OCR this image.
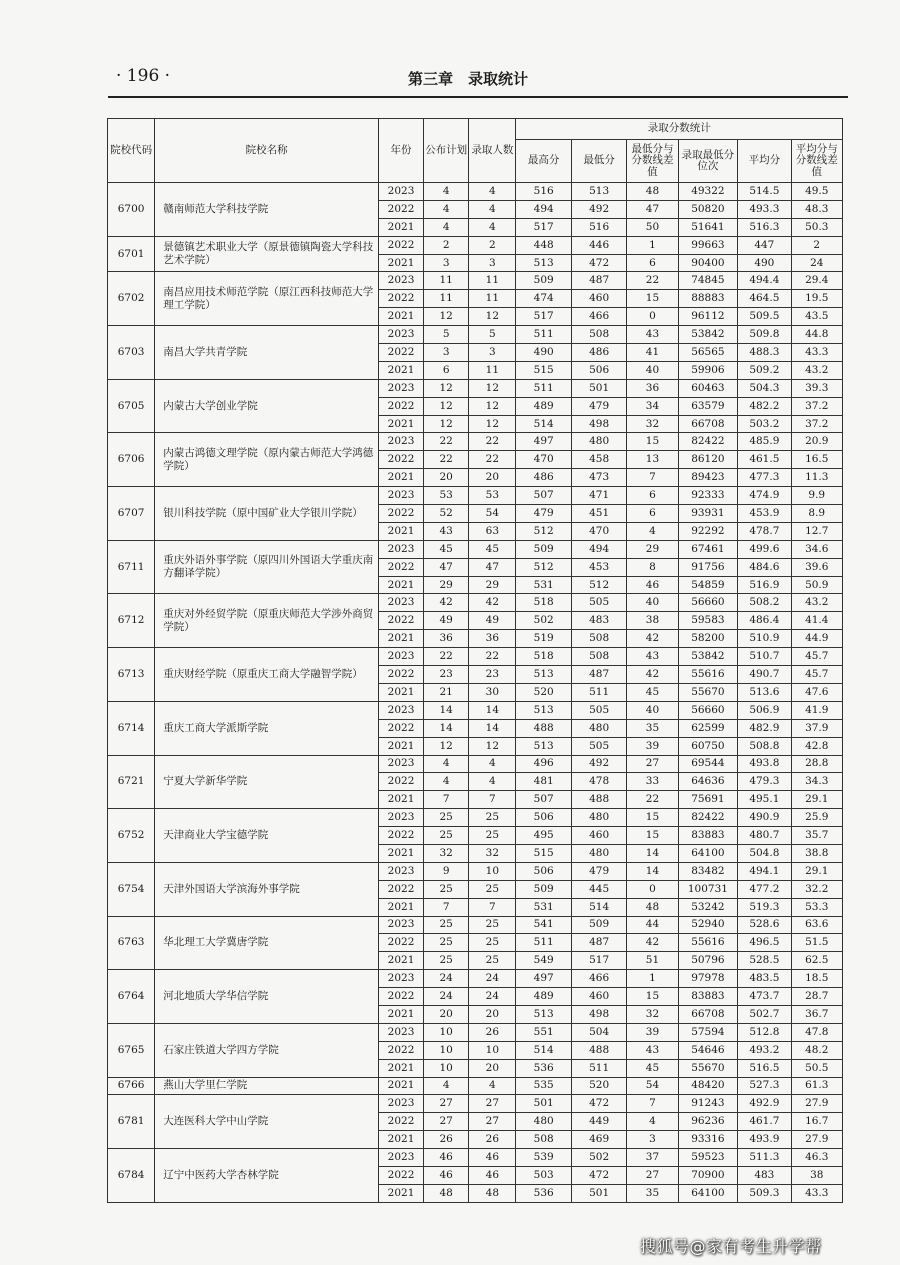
· 196 ·	第三章　录取统计
院校代码	院校名称	年份	公布计划	录取人数	录取分数统计					
					最高分	最低分	最低分与分数线差值	录取最低分位次	平均分	平均分与分数线差值
6700	赣南师范大学科技学院	2023	4	4	516	513	48	49322	514.5	49.5
		2022	4	4	494	492	47	50820	493.3	48.3
		2021	4	4	517	516	50	51641	516.3	50.3
6701	景德镇艺术职业大学（原景德镇陶瓷大学科技艺术学院）	2022	2	2	448	446	1	99663	447	2
		2021	3	3	513	472	6	90400	490	24
6702	南昌应用技术师范学院（原江西科技师范大学理工学院）	2023	11	11	509	487	22	74845	494.4	29.4
		2022	11	11	474	460	15	88883	464.5	19.5
		2021	12	12	517	466	0	96112	509.5	43.5
6703	南昌大学共青学院	2023	5	5	511	508	43	53842	509.8	44.8
		2022	3	3	490	486	41	56565	488.3	43.3
		2021	6	11	515	506	40	59906	509.2	43.2
6705	内蒙古大学创业学院	2023	12	12	511	501	36	60463	504.3	39.3
		2022	12	12	489	479	34	63579	482.2	37.2
		2021	12	12	514	498	32	66708	503.2	37.2
6706	内蒙古鸿德文理学院（原内蒙古师范大学鸿德学院）	2023	22	22	497	480	15	82422	485.9	20.9
		2022	22	22	470	458	13	86120	461.5	16.5
		2021	20	20	486	473	7	89423	477.3	11.3
6707	银川科技学院（原中国矿业大学银川学院）	2023	53	53	507	471	6	92333	474.9	9.9
		2022	52	54	479	451	6	93931	453.9	8.9
		2021	43	63	512	470	4	92292	478.7	12.7
6711	重庆外语外事学院（原四川外国语大学重庆南方翻译学院）	2023	45	45	509	494	29	67461	499.6	34.6
		2022	47	47	512	453	8	91756	484.6	39.6
		2021	29	29	531	512	46	54859	516.9	50.9
6712	重庆对外经贸学院（原重庆师范大学涉外商贸学院）	2023	42	42	518	505	40	56660	508.2	43.2
		2022	49	49	502	483	38	59583	486.4	41.4
		2021	36	36	519	508	42	58200	510.9	44.9
6713	重庆财经学院（原重庆工商大学融智学院）	2023	22	22	518	508	43	53842	510.7	45.7
		2022	23	23	513	487	42	55616	490.7	45.7
		2021	21	30	520	511	45	55670	513.6	47.6
6714	重庆工商大学派斯学院	2023	14	14	513	505	40	56660	506.9	41.9
		2022	14	14	488	480	35	62599	482.9	37.9
		2021	12	12	513	505	39	60750	508.8	42.8
6721	宁夏大学新华学院	2023	4	4	496	492	27	69544	493.8	28.8
		2022	4	4	481	478	33	64636	479.3	34.3
		2021	7	7	507	488	22	75691	495.1	29.1
6752	天津商业大学宝德学院	2023	25	25	506	480	15	82422	490.9	25.9
		2022	25	25	495	460	15	83883	480.7	35.7
		2021	32	32	515	480	14	64100	504.8	38.8
6754	天津外国语大学滨海外事学院	2023	9	10	506	479	14	83482	494.1	29.1
		2022	25	25	509	445	0	100731	477.2	32.2
		2021	7	7	531	514	48	53242	519.3	53.3
6763	华北理工大学冀唐学院	2023	25	25	541	509	44	52940	528.6	63.6
		2022	25	25	511	487	42	55616	496.5	51.5
		2021	25	25	549	517	51	50796	528.5	62.5
6764	河北地质大学华信学院	2023	24	24	497	466	1	97978	483.5	18.5
		2022	24	24	489	460	15	83883	473.7	28.7
		2021	20	20	513	498	32	66708	502.7	36.7
6765	石家庄铁道大学四方学院	2023	10	26	551	504	39	57594	512.8	47.8
		2022	10	10	514	488	43	54646	493.2	48.2
		2021	10	20	536	511	45	55670	516.5	50.5
6766	燕山大学里仁学院	2021	4	4	535	520	54	48420	527.3	61.3
6781	大连医科大学中山学院	2023	27	27	501	472	7	91243	492.9	27.9
		2022	27	27	480	449	4	96236	461.7	16.7
		2021	26	26	508	469	3	93316	493.9	27.9
6784	辽宁中医药大学杏林学院	2023	46	46	539	502	37	59523	511.3	46.3
		2022	46	46	503	472	27	70900	483	38
		2021	48	48	536	501	35	64100	509.3	43.3
搜狐号@家有考生升学帮
